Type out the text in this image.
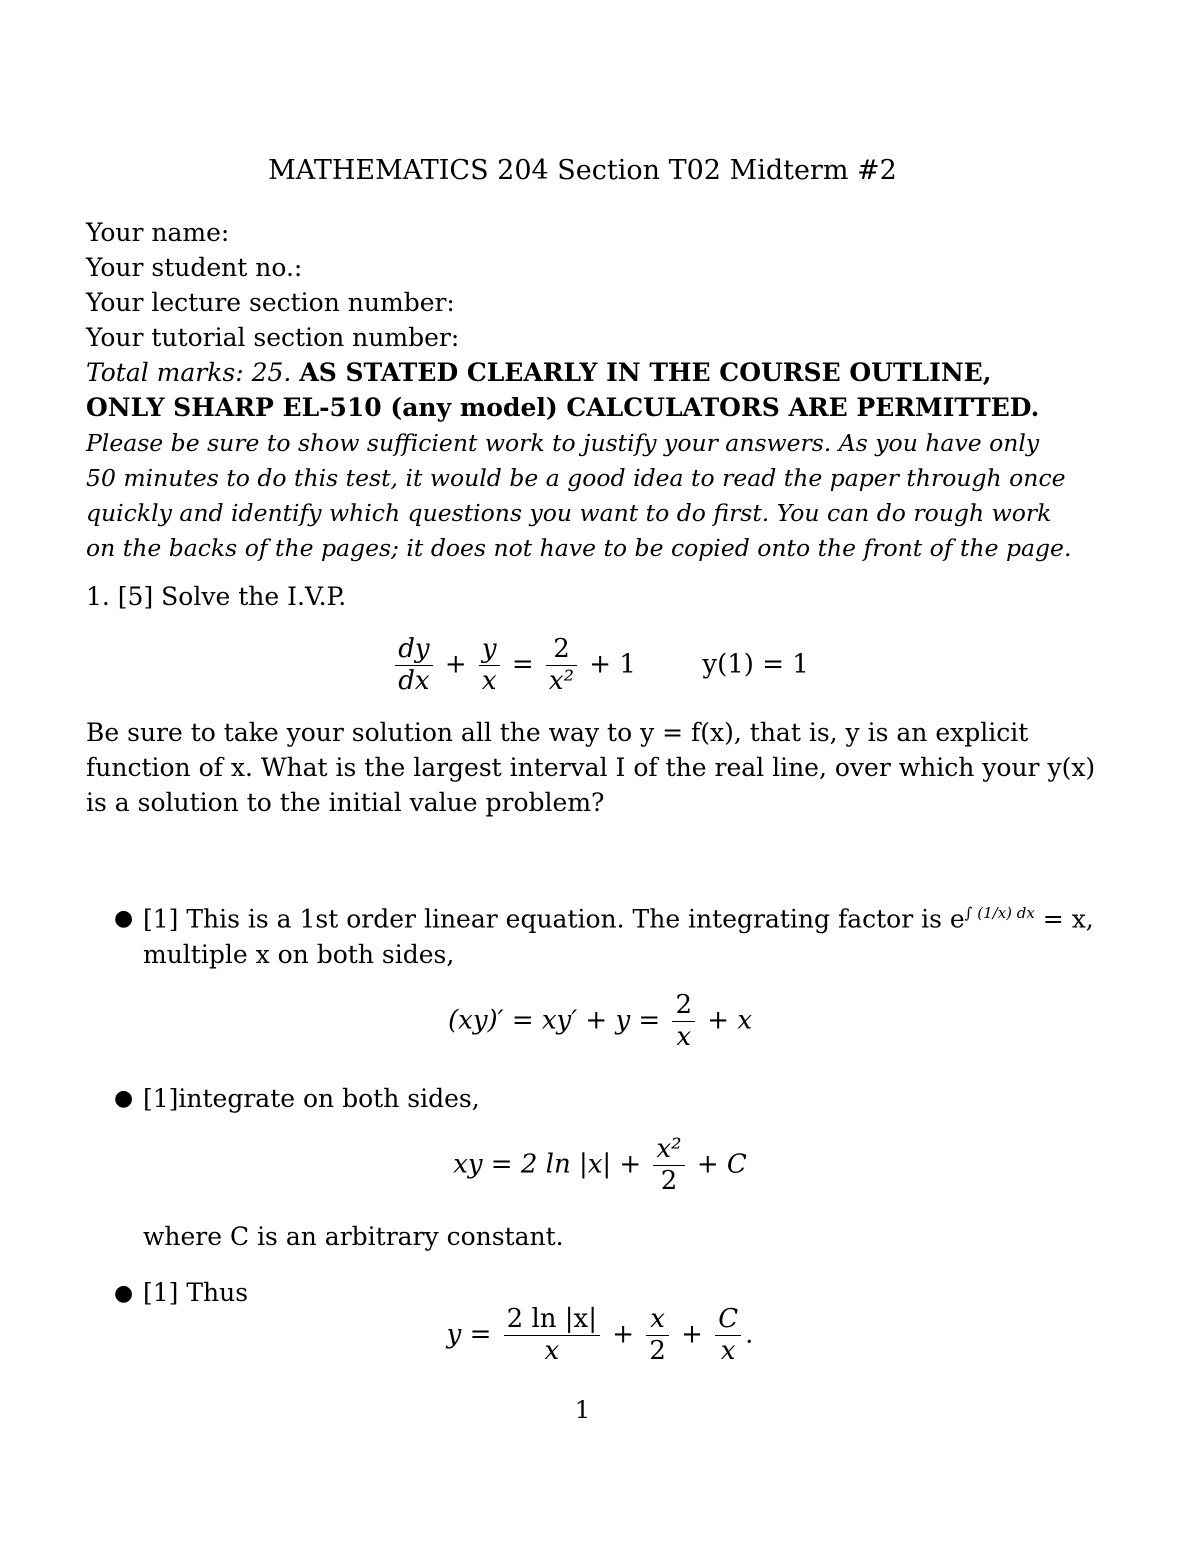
MATHEMATICS 204 Section T02 Midterm #2
Your name:
Your student no.:
Your lecture section number:
Your tutorial section number:
Total marks: 25. AS STATED CLEARLY IN THE COURSE OUTLINE,
ONLY SHARP EL-510 (any model) CALCULATORS ARE PERMITTED.
Please be sure to show sufficient work to justify your answers. As you have only
50 minutes to do this test, it would be a good idea to read the paper through once
quickly and identify which questions you want to do first. You can do rough work
on the backs of the pages; it does not have to be copied onto the front of the page.
1. [5] Solve the I.V.P.
$\frac{dy}{dx} + \frac{y}{x} = \frac{2}{\text{x²}} + 1$	y(1) = 1
Be sure to take your solution all the way to y = f(x), that is, y is an explicit
function of x. What is the largest interval I of the real line, over which your y(x)
is a solution to the initial value problem?
● [1] This is a 1st order linear equation. The integrating factor is $e^{\int (1/x) dx} = x$,
multiple x on both sides,
$(xy)' = xy' + y = \frac{2}{x} + x$
● [1]integrate on both sides,
xy = 2 $\ln |x| + \frac{\text{x²}}{2} + C$
where C is an arbitrary constant.
● [1] Thus
$y = \frac{2 \ln |x|}{x} + \frac{x}{2} + \frac{C}{x}$ .
1
